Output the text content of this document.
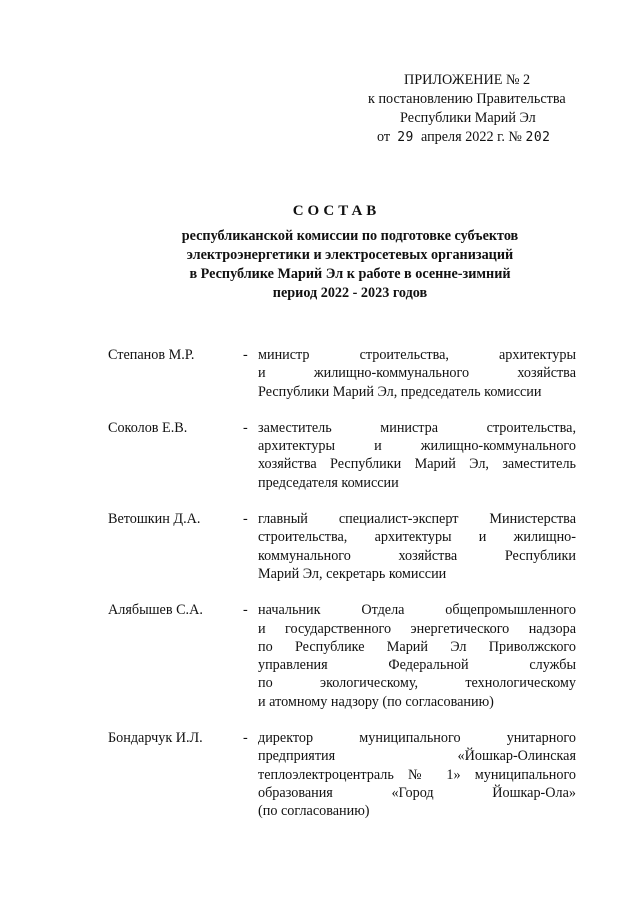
ПРИЛОЖЕНИЕ № 2
к постановлению Правительства
Республики Марий Эл
от 29 апреля 2022 г. № 202
СОСТАВ
республиканской комиссии по подготовке субъектов
электроэнергетики и электросетевых организаций
в Республике Марий Эл к работе в осенне-зимний
период 2022 - 2023 годов
Степанов М.Р.	- министр строительства, архитектуры
и жилищно-коммунального хозяйства
Республики Марий Эл, председатель комиссии
Соколов Е.В.	- заместитель министра строительства,
архитектуры и жилищно-коммунального
хозяйства Республики Марий Эл, заместитель
председателя комиссии
Ветошкин Д.А.	- главный специалист-эксперт Министерства
строительства, архитектуры и жилищно-
коммунального хозяйства Республики
Марий Эл, секретарь комиссии
Алябышев С.А.	- начальник Отдела общепромышленного
и государственного энергетического надзора
по Республике Марий Эл Приволжского
управления Федеральной службы
по экологическому, технологическому
и атомному надзору (по согласованию)
Бондарчук И.Л.	- директор муниципального унитарного
предприятия «Йошкар-Олинская
теплоэлектроцентраль № 1» муниципального
образования «Город Йошкар-Ола»
(по согласованию)
